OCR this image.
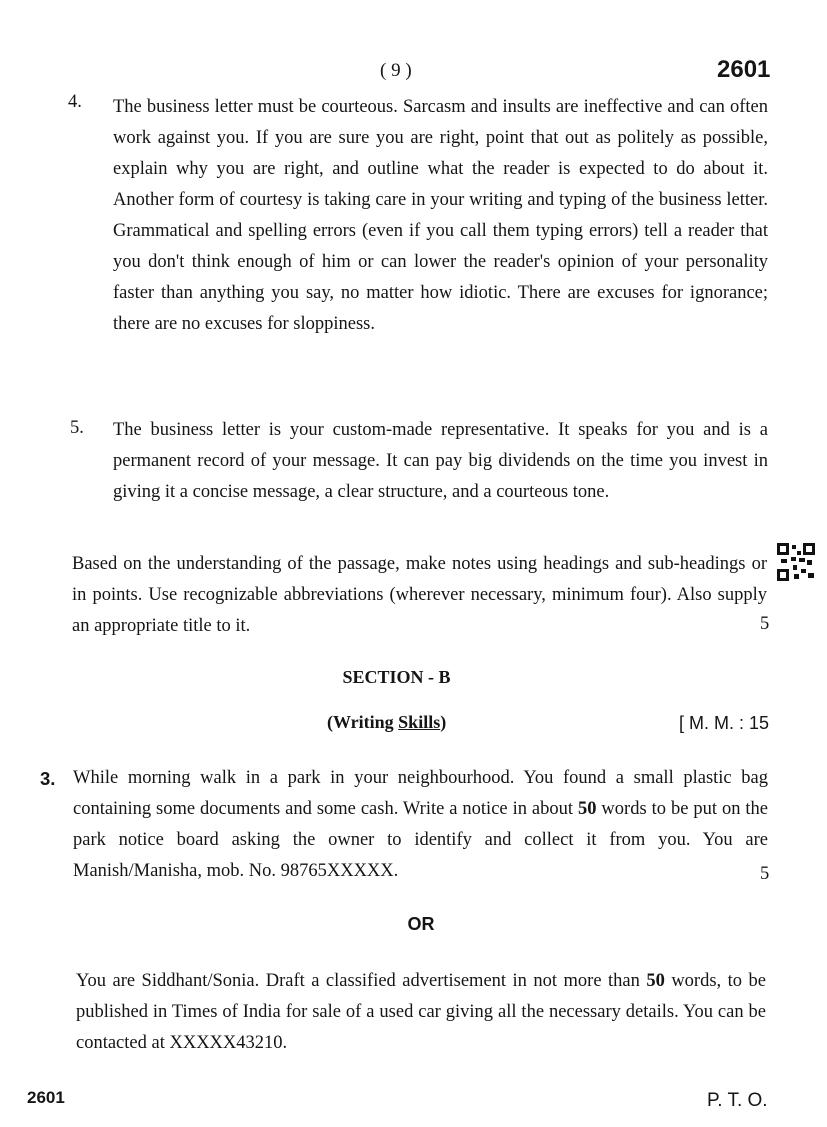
( 9 )	2601
4. The business letter must be courteous. Sarcasm and insults are ineffective and can often work against you. If you are sure you are right, point that out as politely as possible, explain why you are right, and outline what the reader is expected to do about it. Another form of courtesy is taking care in your writing and typing of the business letter. Grammatical and spelling errors (even if you call them typing errors) tell a reader that you don't think enough of him or can lower the reader's opinion of your personality faster than anything you say, no matter how idiotic. There are excuses for ignorance; there are no excuses for sloppiness.
5. The business letter is your custom-made representative. It speaks for you and is a permanent record of your message. It can pay big dividends on the time you invest in giving it a concise message, a clear structure, and a courteous tone.
Based on the understanding of the passage, make notes using headings and sub-headings or in points. Use recognizable abbreviations (wherever necessary, minimum four). Also supply an appropriate title to it.	5
SECTION - B
(Writing Skills)	[ M. M. : 15
3. While morning walk in a park in your neighbourhood. You found a small plastic bag containing some documents and some cash. Write a notice in about 50 words to be put on the park notice board asking the owner to identify and collect it from you. You are Manish/Manisha, mob. No. 98765XXXXX.	5
OR
You are Siddhant/Sonia. Draft a classified advertisement in not more than 50 words, to be published in Times of India for sale of a used car giving all the necessary details. You can be contacted at XXXXX43210.
2601	P. T. O.
